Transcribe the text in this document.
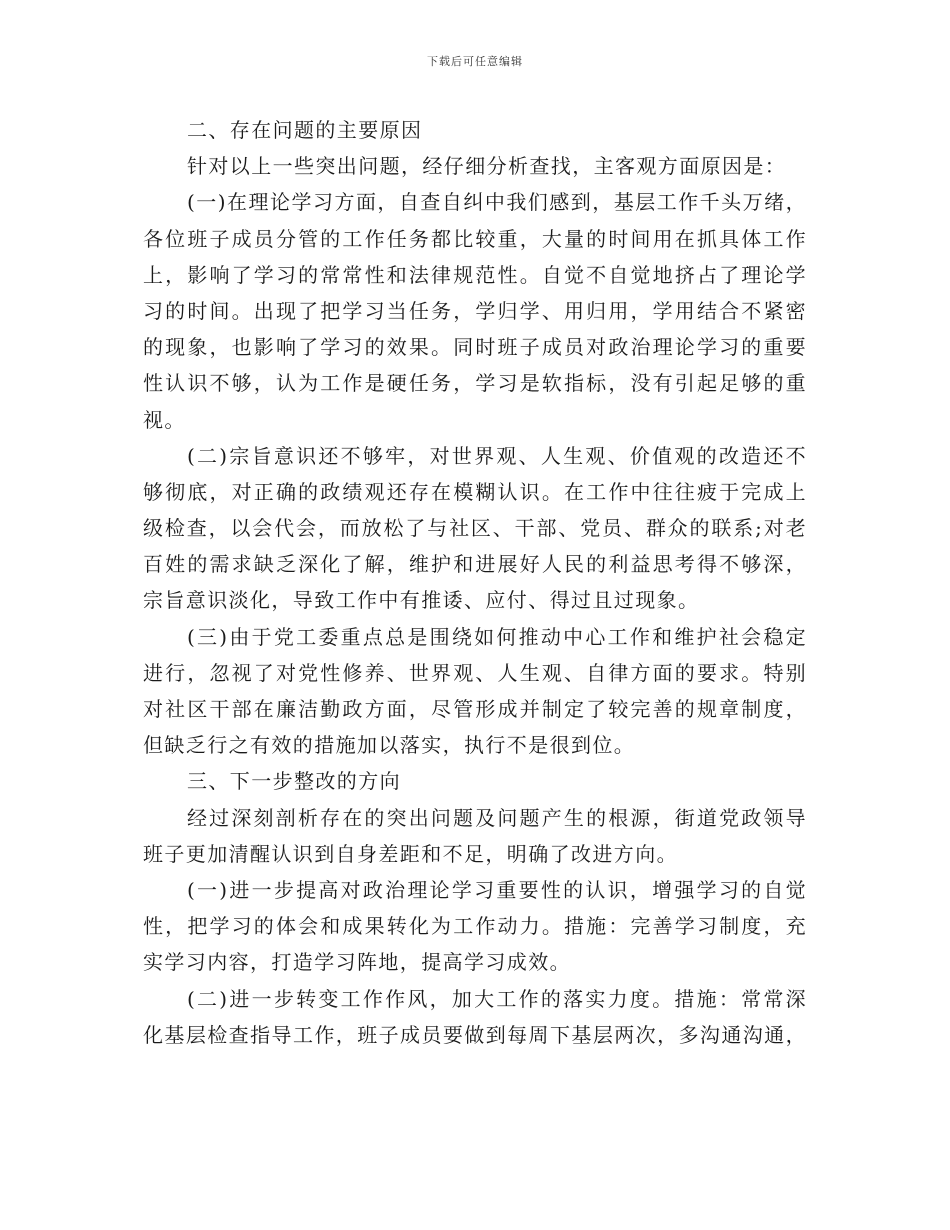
下载后可任意编辑
二、存在问题的主要原因
针对以上一些突出问题，经仔细分析查找，主客观方面原因是：
(一)在理论学习方面，自查自纠中我们感到，基层工作千头万绪，
各位班子成员分管的工作任务都比较重，大量的时间用在抓具体工作
上，影响了学习的常常性和法律规范性。自觉不自觉地挤占了理论学
习的时间。出现了把学习当任务，学归学、用归用，学用结合不紧密
的现象，也影响了学习的效果。同时班子成员对政治理论学习的重要
性认识不够，认为工作是硬任务，学习是软指标，没有引起足够的重
视。
(二)宗旨意识还不够牢，对世界观、人生观、价值观的改造还不
够彻底，对正确的政绩观还存在模糊认识。在工作中往往疲于完成上
级检查，以会代会，而放松了与社区、干部、党员、群众的联系;对老
百姓的需求缺乏深化了解，维护和进展好人民的利益思考得不够深，
宗旨意识淡化，导致工作中有推诿、应付、得过且过现象。
(三)由于党工委重点总是围绕如何推动中心工作和维护社会稳定
进行，忽视了对党性修养、世界观、人生观、自律方面的要求。特别
对社区干部在廉洁勤政方面，尽管形成并制定了较完善的规章制度，
但缺乏行之有效的措施加以落实，执行不是很到位。
三、下一步整改的方向
经过深刻剖析存在的突出问题及问题产生的根源，街道党政领导
班子更加清醒认识到自身差距和不足，明确了改进方向。
(一)进一步提高对政治理论学习重要性的认识，增强学习的自觉
性，把学习的体会和成果转化为工作动力。措施：完善学习制度，充
实学习内容，打造学习阵地，提高学习成效。
(二)进一步转变工作作风，加大工作的落实力度。措施：常常深
化基层检查指导工作，班子成员要做到每周下基层两次，多沟通沟通，
